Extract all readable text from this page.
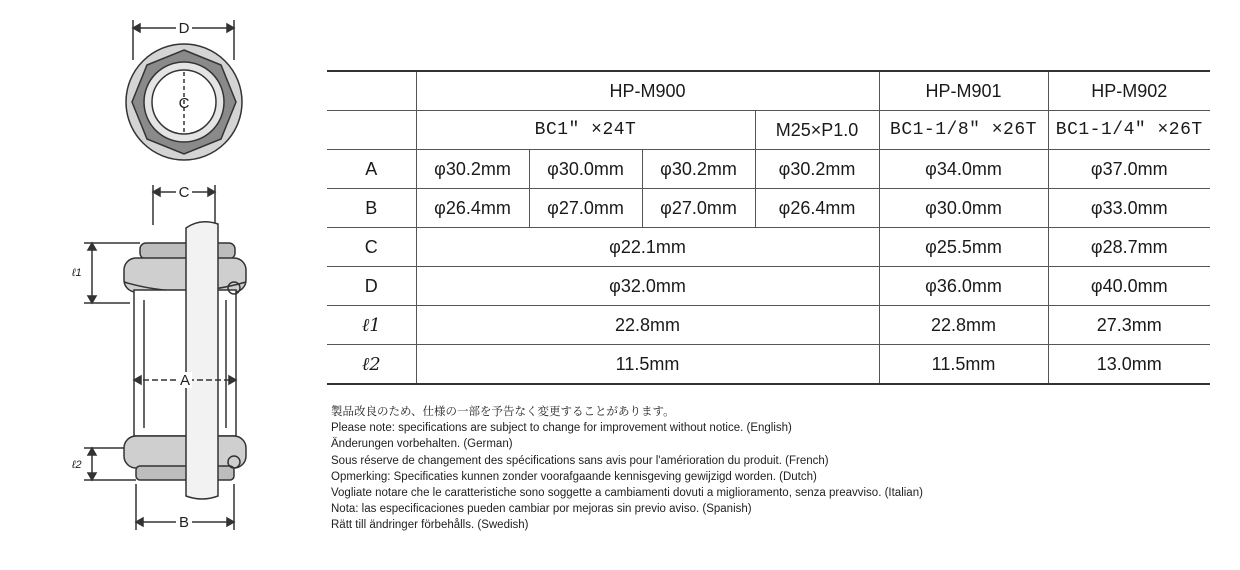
D
C
C
A
B
ℓ1
ℓ2
	HP-M900				HP-M901	HP-M902
	BC1" ×24T			M25×P1.0	BC1-1/8" ×26T	BC1-1/4" ×26T
A	φ30.2mm	φ30.0mm	φ30.2mm	φ30.2mm	φ34.0mm	φ37.0mm
B	φ26.4mm	φ27.0mm	φ27.0mm	φ26.4mm	φ30.0mm	φ33.0mm
C	φ22.1mm				φ25.5mm	φ28.7mm
D	φ32.0mm				φ36.0mm	φ40.0mm
ℓ1	22.8mm				22.8mm	27.3mm
ℓ2	11.5mm				11.5mm	13.0mm
製品改良のため、仕様の一部を予告なく変更することがあります。
Please note: specifications are subject to change for improvement without notice. (English)
Änderungen vorbehalten. (German)
Sous réserve de changement des spécifications sans avis pour l'amérioration du produit. (French)
Opmerking: Specificaties kunnen zonder voorafgaande kennisgeving gewijzigd worden. (Dutch)
Vogliate notare che le caratteristiche sono soggette a cambiamenti dovuti a miglioramento, senza preavviso. (Italian)
Nota: las especificaciones pueden cambiar por mejoras sin previo aviso. (Spanish)
Rätt till ändringer förbehålls. (Swedish)
